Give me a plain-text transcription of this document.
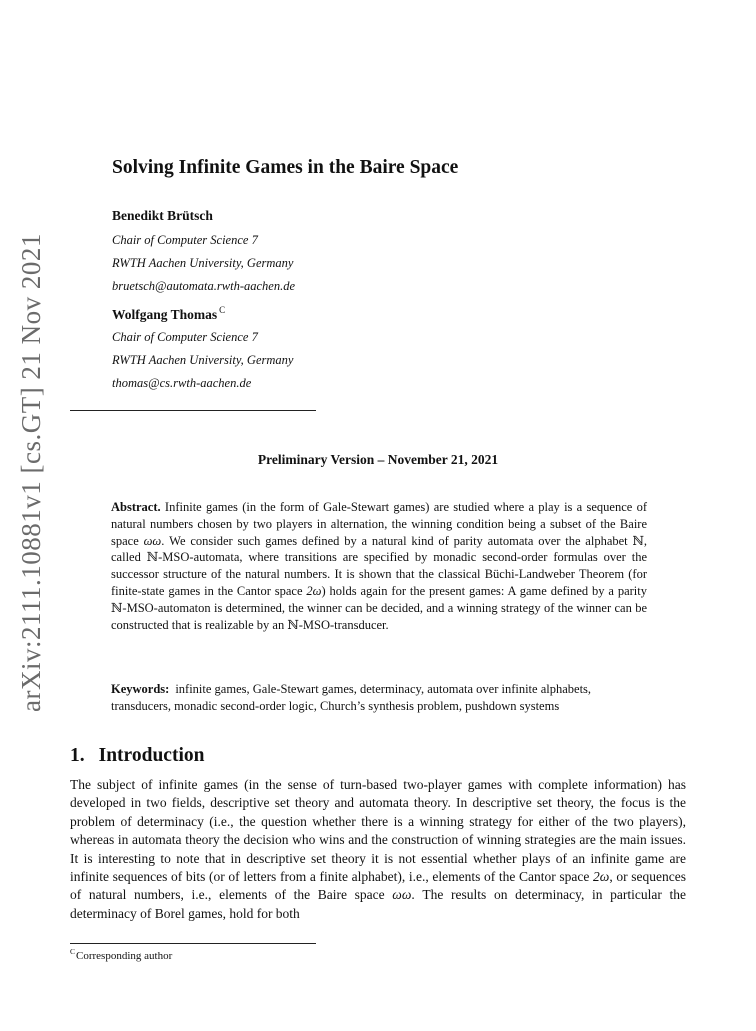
arXiv:2111.10881v1 [cs.GT] 21 Nov 2021
Solving Infinite Games in the Baire Space
Benedikt Brütsch
Chair of Computer Science 7
RWTH Aachen University, Germany
bruetsch@automata.rwth-aachen.de
Wolfgang Thomas $^C$
Chair of Computer Science 7
RWTH Aachen University, Germany
thomas@cs.rwth-aachen.de
Preliminary Version – November 21, 2021
Abstract. Infinite games (in the form of Gale-Stewart games) are studied where a play is a sequence of natural numbers chosen by two players in alternation, the winning condition being a subset of the Baire space ωω. We consider such games defined by a natural kind of parity automata over the alphabet ℕ, called ℕ-MSO-automata, where transitions are specified by monadic second-order formulas over the successor structure of the natural numbers. It is shown that the classical Büchi-Landweber Theorem (for finite-state games in the Cantor space 2ω) holds again for the present games: A game defined by a parity ℕ-MSO-automaton is determined, the winner can be decided, and a winning strategy of the winner can be constructed that is realizable by an ℕ-MSO-transducer.
Keywords: infinite games, Gale-Stewart games, determinacy, automata over infinite alphabets, transducers, monadic second-order logic, Church’s synthesis problem, pushdown systems
1. Introduction
The subject of infinite games (in the sense of turn-based two-player games with complete information) has developed in two fields, descriptive set theory and automata theory. In descriptive set theory, the focus is the problem of determinacy (i.e., the question whether there is a winning strategy for either of the two players), whereas in automata theory the decision who wins and the construction of winning strategies are the main issues. It is interesting to note that in descriptive set theory it is not essential whether plays of an infinite game are infinite sequences of bits (or of letters from a finite alphabet), i.e., elements of the Cantor space 2ω, or sequences of natural numbers, i.e., elements of the Baire space ωω. The results on determinacy, in particular the determinacy of Borel games, hold for both
$^C$Corresponding author
